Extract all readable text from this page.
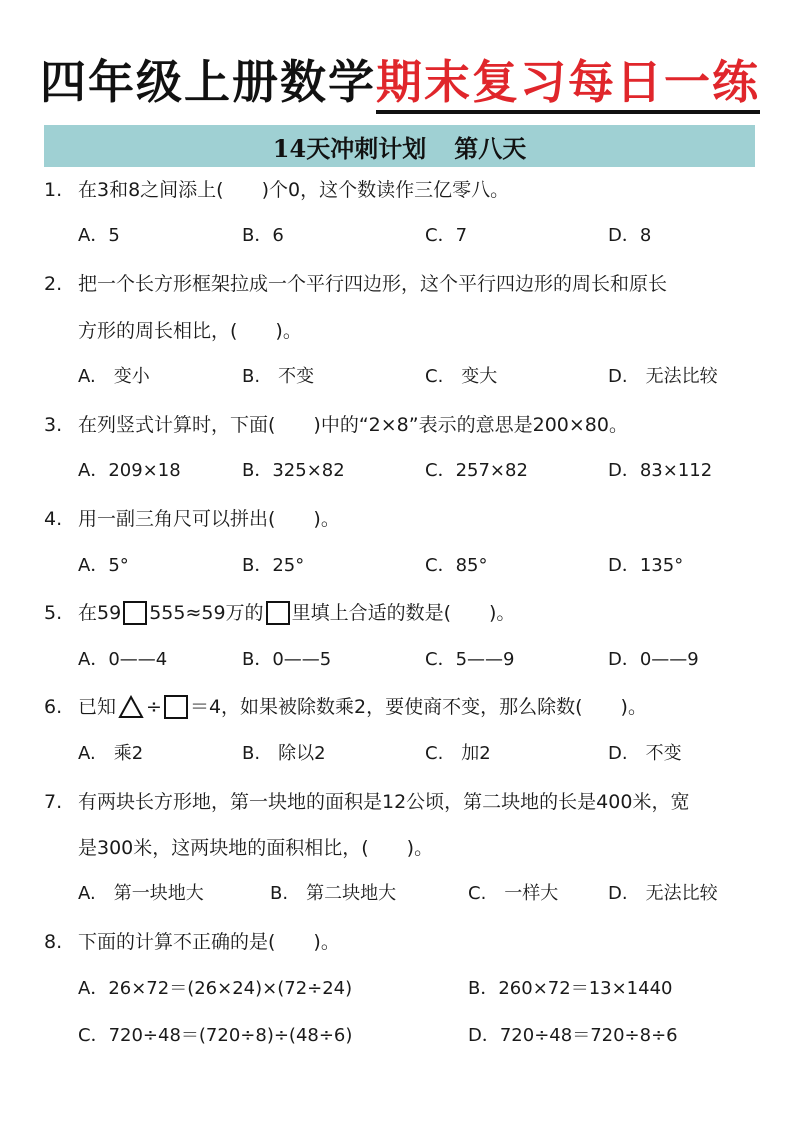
四年级上册数学期末复习每日一练
14天冲刺计划 第八天
1. 在3和8之间添上(　　)个0，这个数读作三亿零八。
A．5	B．6	C．7	D．8
2. 把一个长方形框架拉成一个平行四边形，这个平行四边形的周长和原长
方形的周长相比，(　　)。
A.　变小	B.　不变	C.　变大	D.　无法比较
3. 在列竖式计算时，下面(　　)中的“2×8”表示的意思是200×80。
A．209×18	B．325×82	C．257×82	D．83×112
4. 用一副三角尺可以拼出(　　)。
A．5°	B．25°	C．85°	D．135°
5. 在59 555≈59万的 里填上合适的数是(　　)。
A．0——4	B．0——5	C．5——9	D．0——9
6. 已知 ÷ ＝4，如果被除数乘2，要使商不变，那么除数(　　)。
A.　乘2	B.　除以2	C.　加2	D.　不变
7. 有两块长方形地，第一块地的面积是12公顷，第二块地的长是400米，宽
是300米，这两块地的面积相比，(　　)。
A.　第一块地大	B.　第二块地大	C.　一样大	D.　无法比较
8. 下面的计算不正确的是(　　)。
A．26×72＝(26×24)×(72÷24)	B．260×72＝13×1440
C．720÷48＝(720÷8)÷(48÷6)	D．720÷48＝720÷8÷6
